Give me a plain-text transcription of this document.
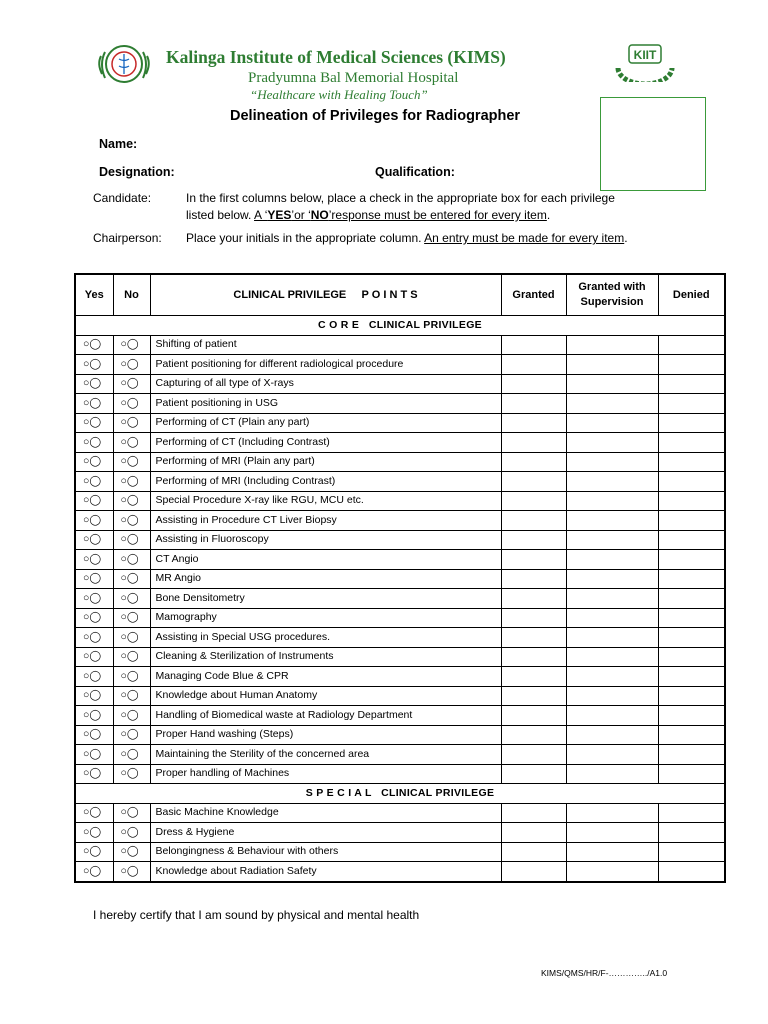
KIIT
Kalinga Institute of Medical Sciences (KIMS)
Pradyumna Bal Memorial Hospital
“Healthcare with Healing Touch”
Delineation of Privileges for Radiographer
Name:
Designation:	Qualification:
Candidate:	In the first columns below, place a check in the appropriate box for each privilege
listed below. A ‘YES’or ‘NO’response must be entered for every item.
Chairperson: Place your initials in the appropriate column. An entry must be made for every item.
Yes	No	CLINICAL PRIVILEGE     P O I N T S	Granted	Granted with Supervision	Denied
C O R E   CLINICAL PRIVILEGE					
○◯	○◯	Shifting of patient			
○◯	○◯	Patient positioning for different radiological procedure			
○◯	○◯	Capturing of all type of X-rays			
○◯	○◯	Patient positioning in USG			
○◯	○◯	Performing of CT (Plain any part)			
○◯	○◯	Performing of CT (Including Contrast)			
○◯	○◯	Performing of MRI (Plain any part)			
○◯	○◯	Performing of MRI (Including Contrast)			
○◯	○◯	Special Procedure X-ray like RGU, MCU etc.			
○◯	○◯	Assisting in Procedure CT Liver Biopsy			
○◯	○◯	Assisting in Fluoroscopy			
○◯	○◯	CT Angio			
○◯	○◯	MR Angio			
○◯	○◯	Bone Densitometry			
○◯	○◯	Mamography			
○◯	○◯	Assisting in Special USG procedures.			
○◯	○◯	Cleaning & Sterilization of Instruments			
○◯	○◯	Managing Code Blue & CPR			
○◯	○◯	Knowledge about Human Anatomy			
○◯	○◯	Handling of Biomedical waste at Radiology Department			
○◯	○◯	Proper Hand washing (Steps)			
○◯	○◯	Maintaining the Sterility of the concerned area			
○◯	○◯	Proper handling of Machines			
S P E C I A L   CLINICAL PRIVILEGE					
○◯	○◯	Basic Machine Knowledge			
○◯	○◯	Dress & Hygiene			
○◯	○◯	Belongingness & Behaviour with others			
○◯	○◯	Knowledge about Radiation Safety			
I hereby certify that I am sound by physical and mental health
KIMS/QMS/HR/F-…………../A1.0
